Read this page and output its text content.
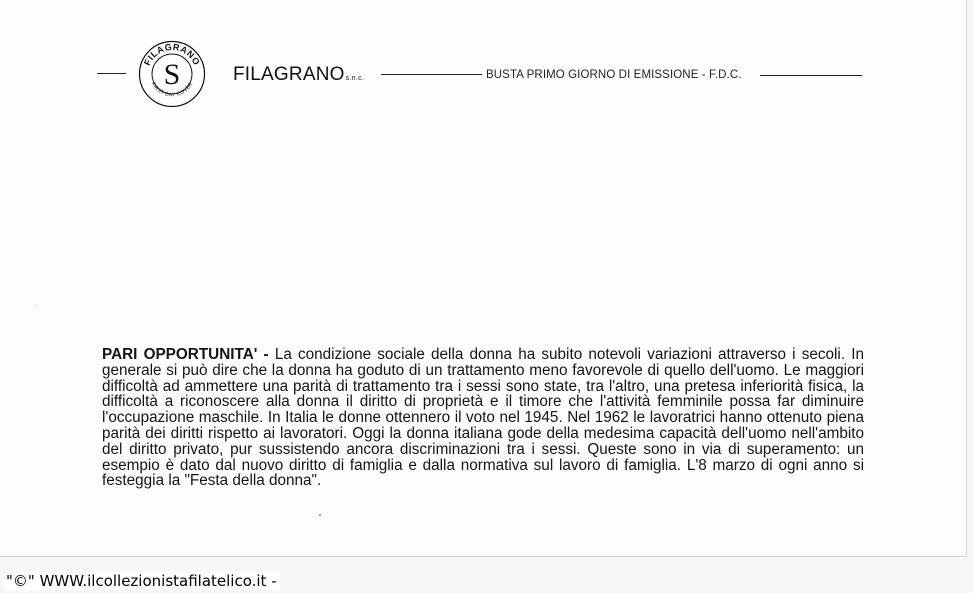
FILAGRANO
FIRST DAY COVER
S	FILAGRANOs.n.c.	BUSTA PRIMO GIORNO DI EMISSIONE - F.D.C.
PARI OPPORTUNITA' - La condizione sociale della donna ha subito notevoli variazioni attraverso i secoli. In generale si può dire che la donna ha goduto di un trattamento meno favorevole di quello dell'uomo. Le maggiori difficoltà ad ammettere una parità di trattamento tra i sessi sono state, tra l'altro, una pretesa inferiorità fisica, la difficoltà a riconoscere alla donna il diritto di proprietà e il timore che l'attività femminile possa far diminuire l'occupazione maschile. In Italia le donne ottennero il voto nel 1945. Nel 1962 le lavoratrici hanno ottenuto piena parità dei diritti rispetto ai lavoratori. Oggi la donna italiana gode della medesima capacità dell'uomo nell'ambito del diritto privato, pur sussistendo ancora discriminazioni tra i sessi. Queste sono in via di superamento: un esempio è dato dal nuovo diritto di famiglia e dalla normativa sul lavoro di famiglia. L'8 marzo di ogni anno si festeggia la "Festa della donna".
"©" WWW.ilcollezionistafilatelico.it -
